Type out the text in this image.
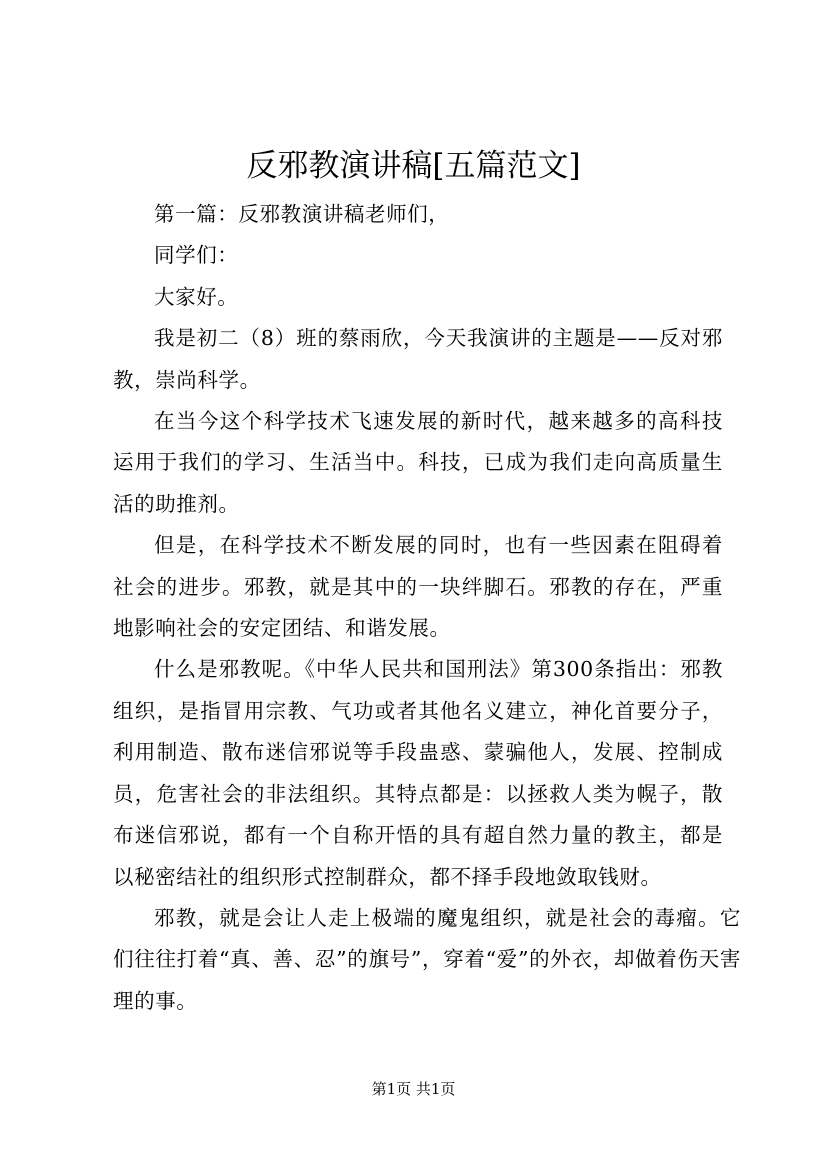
反邪教演讲稿[五篇范文]

第一篇：反邪教演讲稿老师们，

同学们：

大家好。

我是初二（8）班的蔡雨欣，今天我演讲的主题是——反对邪教，崇尚科学。

在当今这个科学技术飞速发展的新时代，越来越多的高科技运用于我们的学习、生活当中。科技，已成为我们走向高质量生活的助推剂。

但是，在科学技术不断发展的同时，也有一些因素在阻碍着社会的进步。邪教，就是其中的一块绊脚石。邪教的存在，严重地影响社会的安定团结、和谐发展。

什么是邪教呢。《中华人民共和国刑法》第300条指出：邪教组织，是指冒用宗教、气功或者其他名义建立，神化首要分子，利用制造、散布迷信邪说等手段蛊惑、蒙骗他人，发展、控制成员，危害社会的非法组织。其特点都是：以拯救人类为幌子，散布迷信邪说，都有一个自称开悟的具有超自然力量的教主，都是以秘密结社的组织形式控制群众，都不择手段地敛取钱财。

邪教，就是会让人走上极端的魔鬼组织，就是社会的毒瘤。它们往往打着“真、善、忍”的旗号”，穿着“爱”的外衣，却做着伤天害理的事。

第1页 共1页
